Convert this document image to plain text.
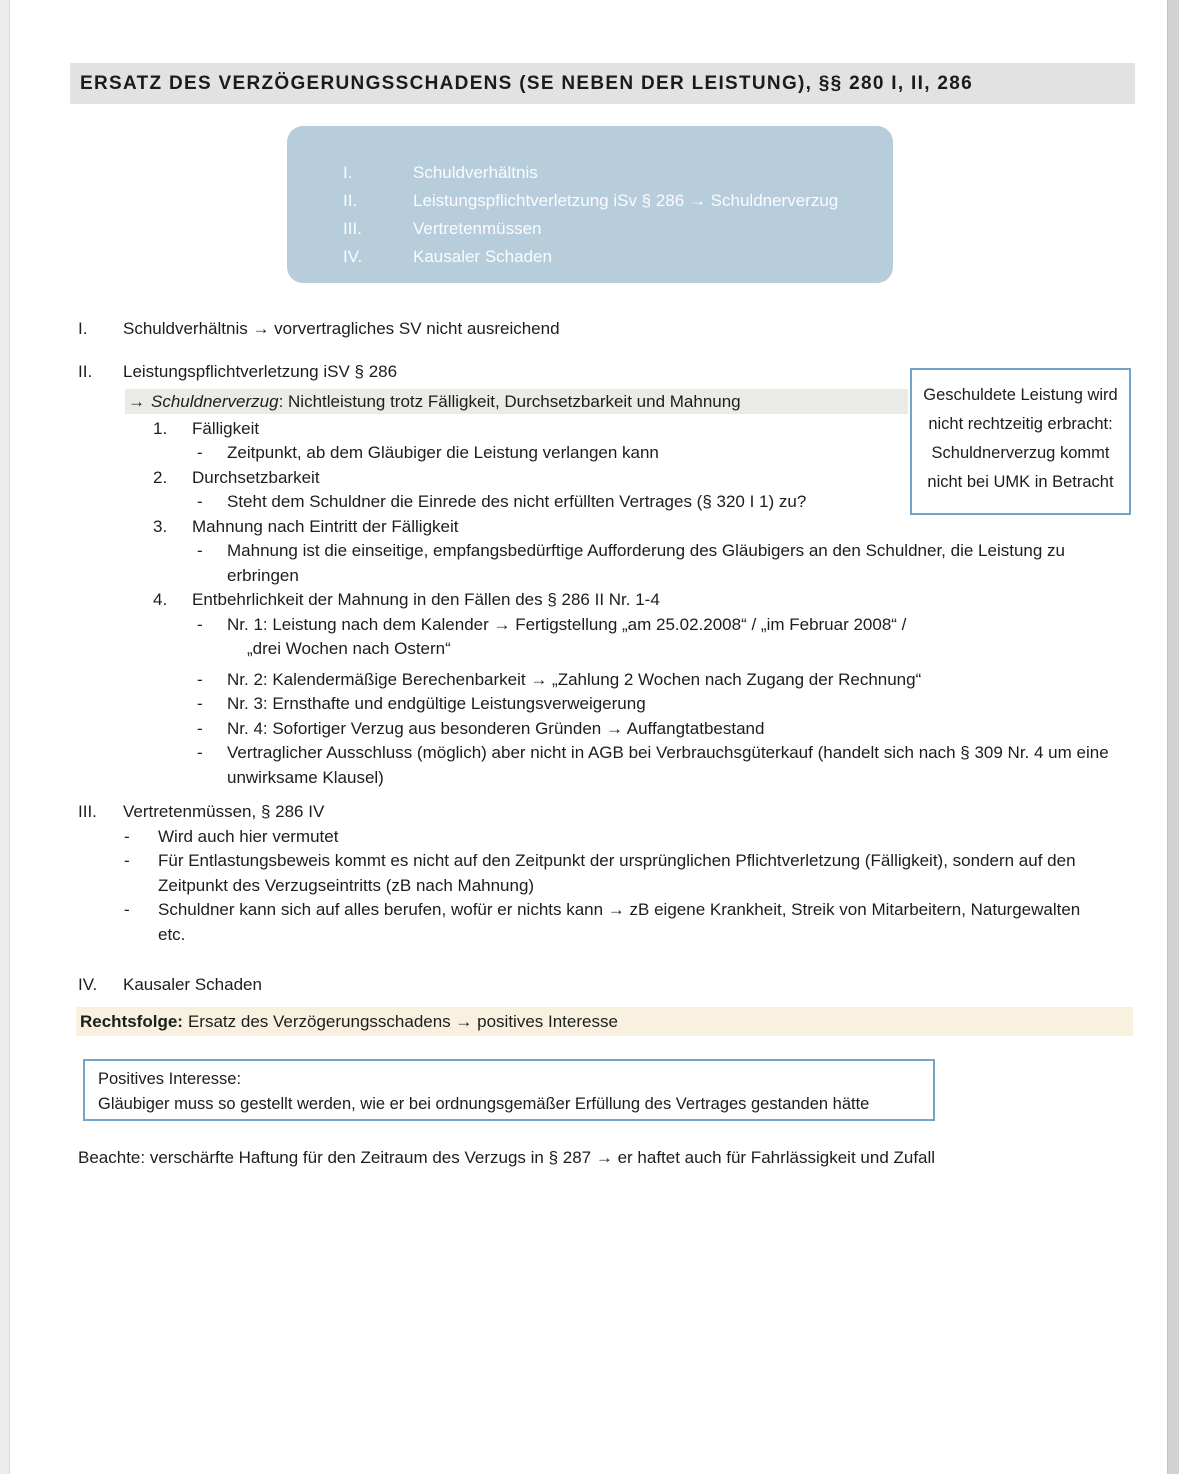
ERSATZ DES VERZÖGERUNGSSCHADENS (SE NEBEN DER LEISTUNG), §§ 280 I, II, 286
I.	Schuldverhältnis
II.	Leistungspflichtverletzung iSv § 286 → Schuldnerverzug
III.	Vertretenmüssen
IV.	Kausaler Schaden
I.	Schuldverhältnis → vorvertragliches SV nicht ausreichend
II.	Leistungspflichtverletzung iSV § 286
→ Schuldnerverzug: Nichtleistung trotz Fälligkeit, Durchsetzbarkeit und Mahnung
1.	Fälligkeit
-	Zeitpunkt, ab dem Gläubiger die Leistung verlangen kann
2.	Durchsetzbarkeit
-	Steht dem Schuldner die Einrede des nicht erfüllten Vertrages (§ 320 I 1) zu?
3.	Mahnung nach Eintritt der Fälligkeit
-	Mahnung ist die einseitige, empfangsbedürftige Aufforderung des Gläubigers an den Schuldner, die Leistung zu erbringen
4.	Entbehrlichkeit der Mahnung in den Fällen des § 286 II Nr. 1-4
-	Nr. 1: Leistung nach dem Kalender → Fertigstellung „am 25.02.2008“ / „im Februar 2008“ /
„drei Wochen nach Ostern“
-	Nr. 2: Kalendermäßige Berechenbarkeit → „Zahlung 2 Wochen nach Zugang der Rechnung“
-	Nr. 3: Ernsthafte und endgültige Leistungsverweigerung
-	Nr. 4: Sofortiger Verzug aus besonderen Gründen → Auffangtatbestand
-	Vertraglicher Ausschluss (möglich) aber nicht in AGB bei Verbrauchsgüterkauf (handelt sich nach § 309 Nr. 4 um eine unwirksame Klausel)
Geschuldete Leistung wird
nicht rechtzeitig erbracht:
Schuldnerverzug kommt
nicht bei UMK in Betracht
III.	Vertretenmüssen, § 286 IV
-	Wird auch hier vermutet
-	Für Entlastungsbeweis kommt es nicht auf den Zeitpunkt der ursprünglichen Pflichtverletzung (Fälligkeit), sondern auf den Zeitpunkt des Verzugseintritts (zB nach Mahnung)
-	Schuldner kann sich auf alles berufen, wofür er nichts kann → zB eigene Krankheit, Streik von Mitarbeitern, Naturgewalten etc.
IV.	Kausaler Schaden
Rechtsfolge: Ersatz des Verzögerungsschadens → positives Interesse
Positives Interesse:
Gläubiger muss so gestellt werden, wie er bei ordnungsgemäßer Erfüllung des Vertrages gestanden hätte
Beachte: verschärfte Haftung für den Zeitraum des Verzugs in § 287 → er haftet auch für Fahrlässigkeit und Zufall
